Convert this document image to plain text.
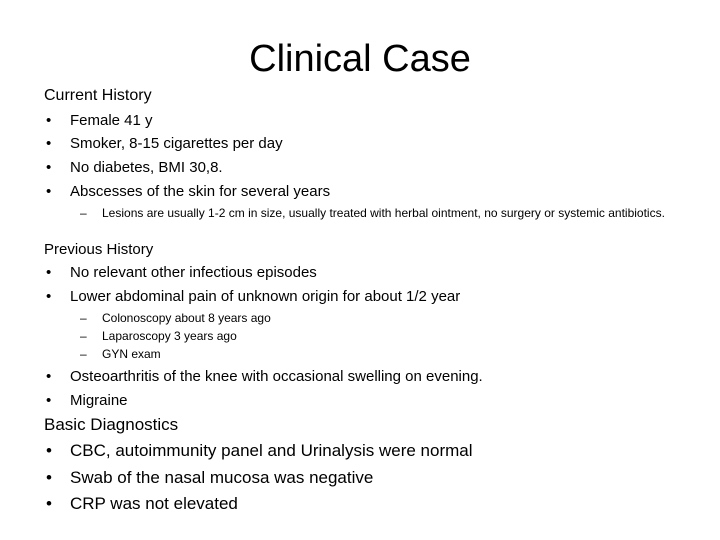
Clinical Case
Current History
• Female 41 y
• Smoker, 8-15 cigarettes per day
• No diabetes, BMI 30,8.
• Abscesses of the skin for several years
– Lesions are usually 1-2 cm in size, usually treated with herbal ointment, no surgery or systemic antibiotics.
Previous History
• No relevant other infectious episodes
• Lower abdominal pain of unknown origin for about 1/2 year
– Colonoscopy about 8 years ago
– Laparoscopy 3 years ago
– GYN exam
• Osteoarthritis of the knee with occasional swelling on evening.
• Migraine
Basic Diagnostics
• CBC, autoimmunity panel and Urinalysis were normal
• Swab of the nasal mucosa was negative
• CRP was not elevated
